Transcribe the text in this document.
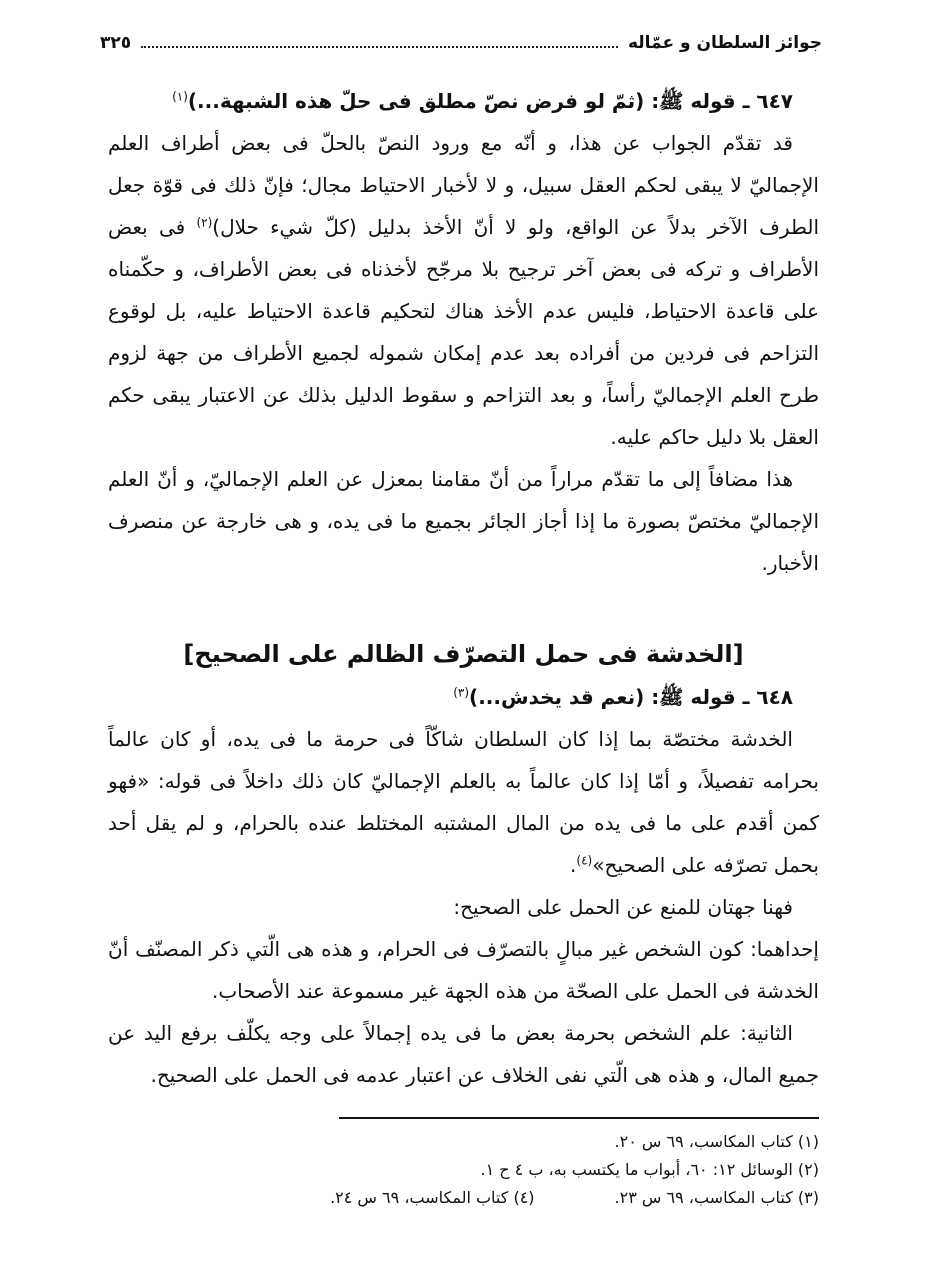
جوائز السلطان و عمّاله
٣٢٥

٦٤٧ ـ قوله ﷺ: (ثمّ لو فرض نصّ مطلق فى حلّ هذه الشبهة...)$^{(١)}$

قد تقدّم الجواب عن هذا، و أنّه مع ورود النصّ بالحلّ فى بعض أطراف العلم الإجماليّ لا يبقى لحكم العقل سبيل، و لا لأخبار الاحتياط مجال؛ فإنّ ذلك فى قوّة جعل الطرف الآخر بدلاً عن الواقع، ولو لا أنّ الأخذ بدليل (كلّ شيء حلال)$^{(٢)}$ فى بعض الأطراف و تركه فى بعض آخر ترجيح بلا مرجّح لأخذناه فى بعض الأطراف، و حكّمناه على قاعدة الاحتياط، فليس عدم الأخذ هناك لتحكيم قاعدة الاحتياط عليه، بل لوقوع التزاحم فى فردين من أفراده بعد عدم إمكان شموله لجميع الأطراف من جهة لزوم طرح العلم الإجماليّ رأساً، و بعد التزاحم و سقوط الدليل بذلك عن الاعتبار يبقى حكم العقل بلا دليل حاكم عليه.

هذا مضافاً إلى ما تقدّم مراراً من أنّ مقامنا بمعزل عن العلم الإجماليّ، و أنّ العلم الإجماليّ مختصّ بصورة ما إذا أجاز الجائر بجميع ما فى يده، و هى خارجة عن منصرف الأخبار.

[الخدشة فى حمل التصرّف الظالم على الصحيح]

٦٤٨ ـ قوله ﷺ: (نعم قد يخدش...)$^{(٣)}$

الخدشة مختصّة بما إذا كان السلطان شاكّاً فى حرمة ما فى يده، أو كان عالماً بحرامه تفصيلاً، و أمّا إذا كان عالماً به بالعلم الإجماليّ كان ذلك داخلاً فى قوله: «فهو كمن أقدم على ما فى يده من المال المشتبه المختلط عنده بالحرام، و لم يقل أحد بحمل تصرّفه على الصحيح»$^{(٤)}$.

فهنا جهتان للمنع عن الحمل على الصحيح:

إحداهما: كون الشخص غير مبالٍ بالتصرّف فى الحرام، و هذه هى الّتي ذكر المصنّف أنّ الخدشة فى الحمل على الصحّة من هذه الجهة غير مسموعة عند الأصحاب.

الثانية: علم الشخص بحرمة بعض ما فى يده إجمالاً على وجه يكلّف برفع اليد عن جميع المال، و هذه هى الّتي نفى الخلاف عن اعتبار عدمه فى الحمل على الصحيح.

(١) كتاب المكاسب، ٦٩ س ٢٠.
(٢) الوسائل ١٢: ٦٠، أبواب ما يكتسب به، ب ٤ ح ١.
(٣) كتاب المكاسب، ٦٩ س ٢٣.
(٤) كتاب المكاسب، ٦٩ س ٢٤.
